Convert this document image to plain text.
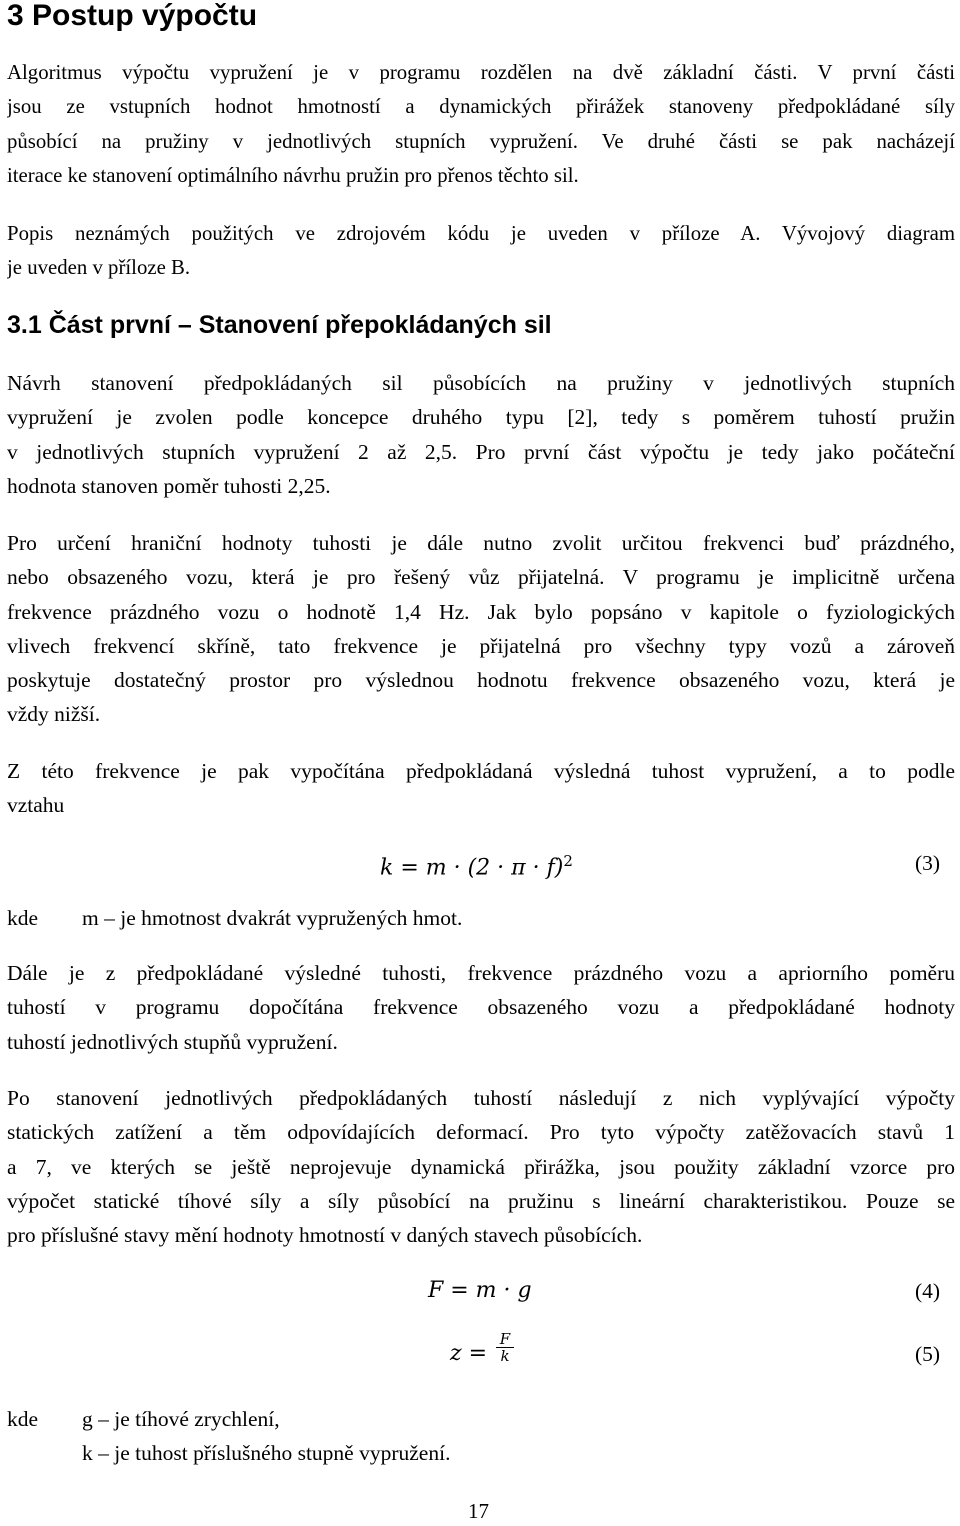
3 Postup výpočtu
Algoritmus výpočtu vypružení je v programu rozdělen na dvě základní části. V první části
jsou ze vstupních hodnot hmotností a dynamických přirážek stanoveny předpokládané síly
působící na pružiny v jednotlivých stupních vypružení. Ve druhé části se pak nacházejí
iterace ke stanovení optimálního návrhu pružin pro přenos těchto sil.
Popis neznámých použitých ve zdrojovém kódu je uveden v příloze A. Vývojový diagram
je uveden v příloze B.
3.1 Část první – Stanovení přepokládaných sil
Návrh stanovení předpokládaných sil působících na pružiny v jednotlivých stupních
vypružení je zvolen podle koncepce druhého typu [2], tedy s poměrem tuhostí pružin
v jednotlivých stupních vypružení 2 až 2,5. Pro první část výpočtu je tedy jako počáteční
hodnota stanoven poměr tuhosti 2,25.
Pro určení hraniční hodnoty tuhosti je dále nutno zvolit určitou frekvenci buď prázdného,
nebo obsazeného vozu, která je pro řešený vůz přijatelná. V programu je implicitně určena
frekvence prázdného vozu o hodnotě 1,4 Hz. Jak bylo popsáno v kapitole o fyziologických
vlivech frekvencí skříně, tato frekvence je přijatelná pro všechny typy vozů a zároveň
poskytuje dostatečný prostor pro výslednou hodnotu frekvence obsazeného vozu, která je
vždy nižší.
Z této frekvence je pak vypočítána předpokládaná výsledná tuhost vypružení, a to podle
vztahu
$k = m \cdot (2 \cdot \pi \cdot f)^2$	(3)
kde m – je hmotnost dvakrát vypružených hmot.
Dále je z předpokládané výsledné tuhosti, frekvence prázdného vozu a apriorního poměru
tuhostí v programu dopočítána frekvence obsazeného vozu a předpokládané hodnoty
tuhostí jednotlivých stupňů vypružení.
Po stanovení jednotlivých předpokládaných tuhostí následují z nich vyplývající výpočty
statických zatížení a těm odpovídajících deformací. Pro tyto výpočty zatěžovacích stavů 1
a 7, ve kterých se ještě neprojevuje dynamická přirážka, jsou použity základní vzorce pro
výpočet statické tíhové síly a síly působící na pružinu s lineární charakteristikou. Pouze se
pro příslušné stavy mění hodnoty hmotností v daných stavech působících.
F = m · g	(4)
z =
F
k	(5)
kde g – je tíhové zrychlení,
k – je tuhost příslušného stupně vypružení.
17
